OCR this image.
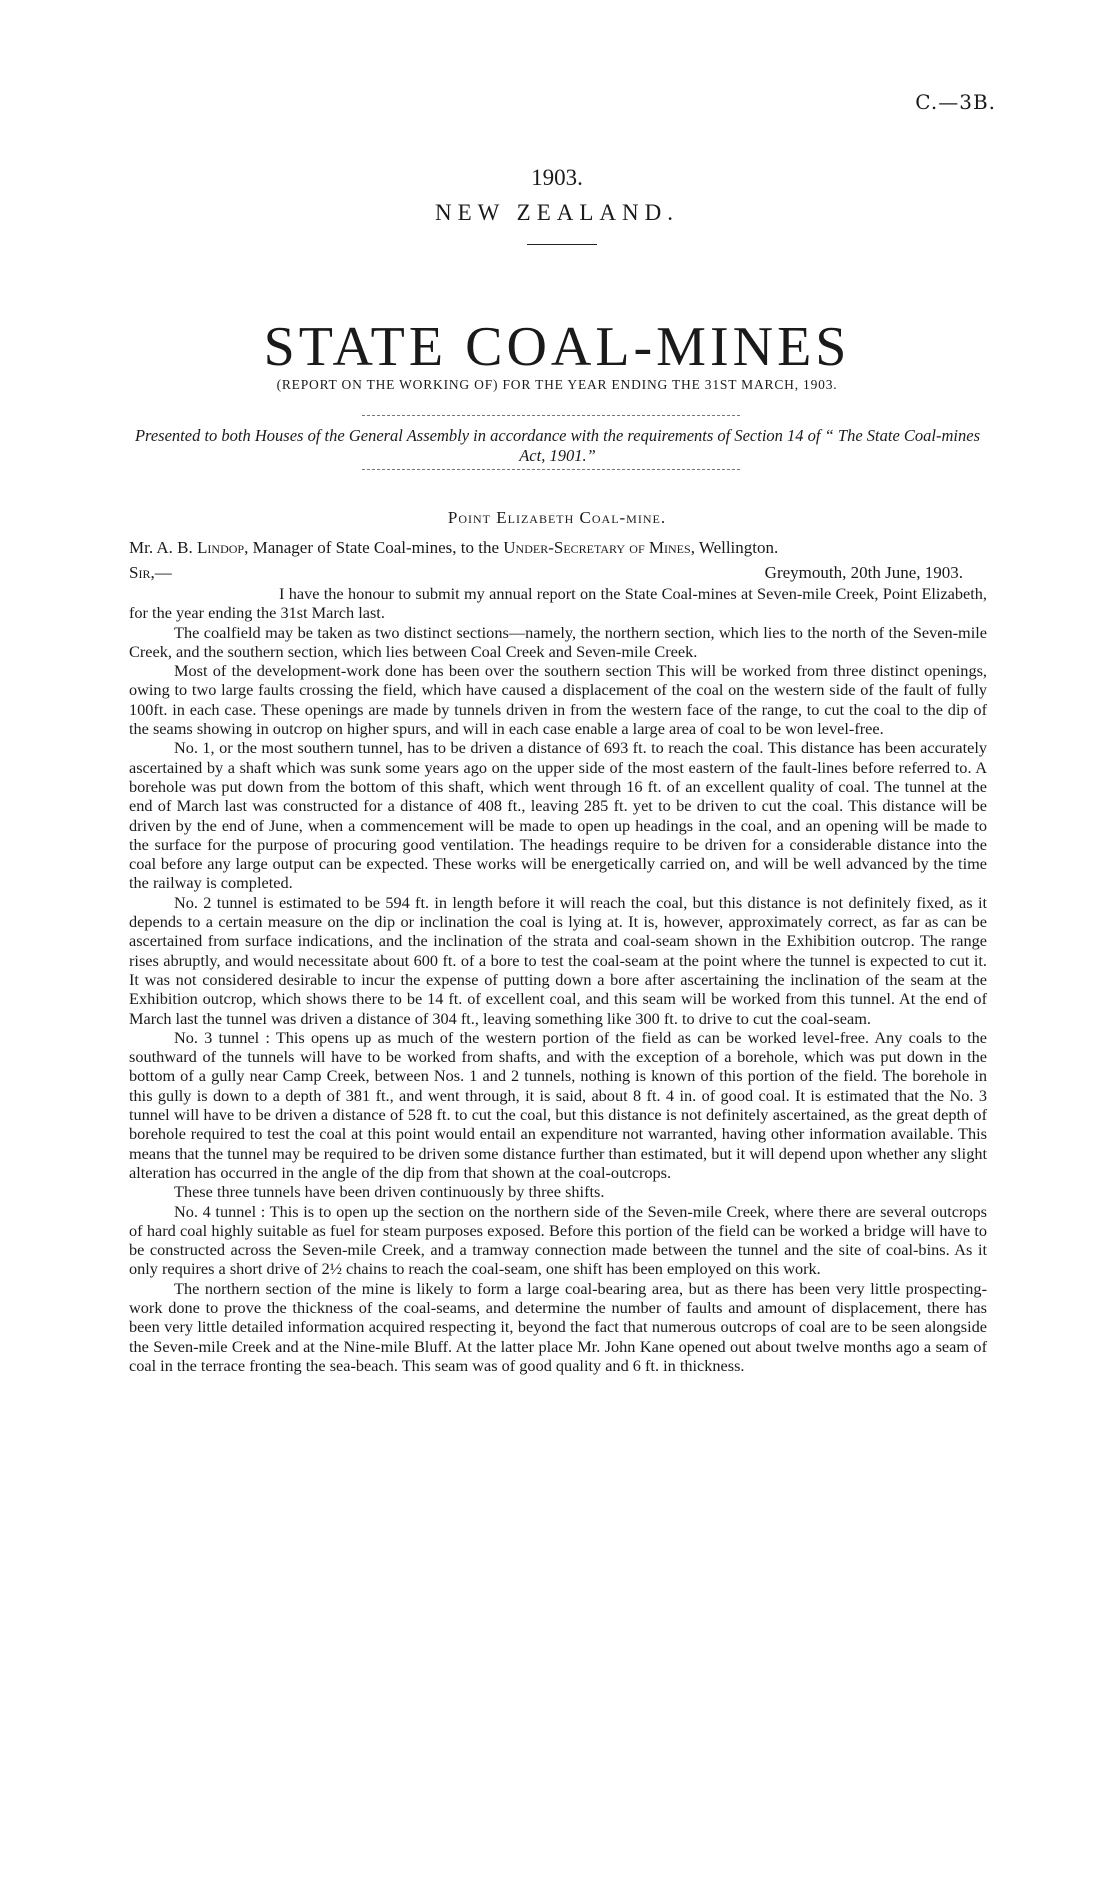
C.—3B.
1903.
NEW ZEALAND.
STATE COAL-MINES
(REPORT ON THE WORKING OF) FOR THE YEAR ENDING THE 31ST MARCH, 1903.
Presented to both Houses of the General Assembly in accordance with the requirements of Section 14 of “ The State Coal-mines Act, 1901.”
Point Elizabeth Coal-mine.
Mr. A. B. Lindop, Manager of State Coal-mines, to the Under-Secretary of Mines, Wellington.
Sir,—	Greymouth, 20th June, 1903.

I have the honour to submit my annual report on the State Coal-mines at Seven-mile Creek, Point Elizabeth, for the year ending the 31st March last.

The coalfield may be taken as two distinct sections—namely, the northern section, which lies to the north of the Seven-mile Creek, and the southern section, which lies between Coal Creek and Seven-mile Creek.

Most of the development-work done has been over the southern section This will be worked from three distinct openings, owing to two large faults crossing the field, which have caused a displacement of the coal on the western side of the fault of fully 100ft. in each case. These openings are made by tunnels driven in from the western face of the range, to cut the coal to the dip of the seams showing in outcrop on higher spurs, and will in each case enable a large area of coal to be won level-free.

No. 1, or the most southern tunnel, has to be driven a distance of 693 ft. to reach the coal. This distance has been accurately ascertained by a shaft which was sunk some years ago on the upper side of the most eastern of the fault-lines before referred to. A borehole was put down from the bottom of this shaft, which went through 16 ft. of an excellent quality of coal. The tunnel at the end of March last was constructed for a distance of 408 ft., leaving 285 ft. yet to be driven to cut the coal. This distance will be driven by the end of June, when a commencement will be made to open up headings in the coal, and an opening will be made to the surface for the purpose of procuring good ventilation. The headings require to be driven for a considerable distance into the coal before any large output can be expected. These works will be energetically carried on, and will be well advanced by the time the railway is completed.

No. 2 tunnel is estimated to be 594 ft. in length before it will reach the coal, but this distance is not definitely fixed, as it depends to a certain measure on the dip or inclination the coal is lying at. It is, however, approximately correct, as far as can be ascertained from surface indications, and the inclination of the strata and coal-seam shown in the Exhibition outcrop. The range rises abruptly, and would necessitate about 600 ft. of a bore to test the coal-seam at the point where the tunnel is expected to cut it. It was not considered desirable to incur the expense of putting down a bore after ascertaining the inclination of the seam at the Exhibition outcrop, which shows there to be 14 ft. of excellent coal, and this seam will be worked from this tunnel. At the end of March last the tunnel was driven a distance of 304 ft., leaving something like 300 ft. to drive to cut the coal-seam.

No. 3 tunnel : This opens up as much of the western portion of the field as can be worked level-free. Any coals to the southward of the tunnels will have to be worked from shafts, and with the exception of a borehole, which was put down in the bottom of a gully near Camp Creek, between Nos. 1 and 2 tunnels, nothing is known of this portion of the field. The borehole in this gully is down to a depth of 381 ft., and went through, it is said, about 8 ft. 4 in. of good coal. It is estimated that the No. 3 tunnel will have to be driven a distance of 528 ft. to cut the coal, but this distance is not definitely ascertained, as the great depth of borehole required to test the coal at this point would entail an expenditure not warranted, having other information available. This means that the tunnel may be required to be driven some distance further than estimated, but it will depend upon whether any slight alteration has occurred in the angle of the dip from that shown at the coal-outcrops.

These three tunnels have been driven continuously by three shifts.

No. 4 tunnel : This is to open up the section on the northern side of the Seven-mile Creek, where there are several outcrops of hard coal highly suitable as fuel for steam purposes exposed. Before this portion of the field can be worked a bridge will have to be constructed across the Seven-mile Creek, and a tramway connection made between the tunnel and the site of coal-bins. As it only requires a short drive of 2½ chains to reach the coal-seam, one shift has been employed on this work.

The northern section of the mine is likely to form a large coal-bearing area, but as there has been very little prospecting-work done to prove the thickness of the coal-seams, and determine the number of faults and amount of displacement, there has been very little detailed information acquired respecting it, beyond the fact that numerous outcrops of coal are to be seen alongside the Seven-mile Creek and at the Nine-mile Bluff. At the latter place Mr. John Kane opened out about twelve months ago a seam of coal in the terrace fronting the sea-beach. This seam was of good quality and 6 ft. in thickness.
